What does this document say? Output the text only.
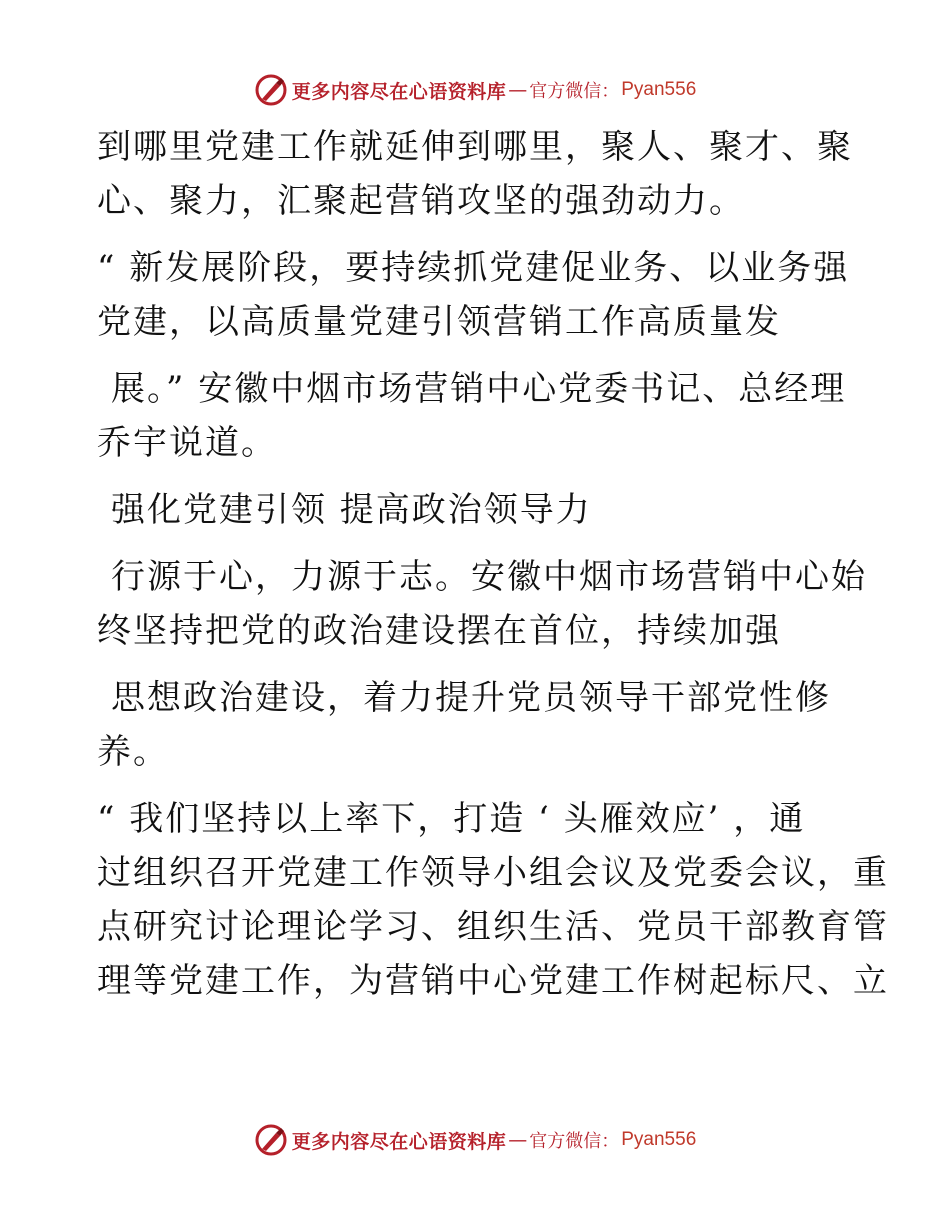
更多内容尽在心语资料库 — 官方微信： Pyan556
到哪里党建工作就延伸到哪里，聚人、聚才、聚
心、聚力，汇聚起营销攻坚的强劲动力。
“ 新发展阶段，要持续抓党建促业务、以业务强
党建，以高质量党建引领营销工作高质量发
展。” 安徽中烟市场营销中心党委书记、总经理
乔宇说道。
强化党建引领 提高政治领导力
行源于心，力源于志。安徽中烟市场营销中心始
终坚持把党的政治建设摆在首位，持续加强
思想政治建设，着力提升党员领导干部党性修
养。
“ 我们坚持以上率下，打造 ‘ 头雁效应’ ，通
过组织召开党建工作领导小组会议及党委会议，重
点研究讨论理论学习、组织生活、党员干部教育管
理等党建工作，为营销中心党建工作树起标尺、立
更多内容尽在心语资料库 — 官方微信： Pyan556
